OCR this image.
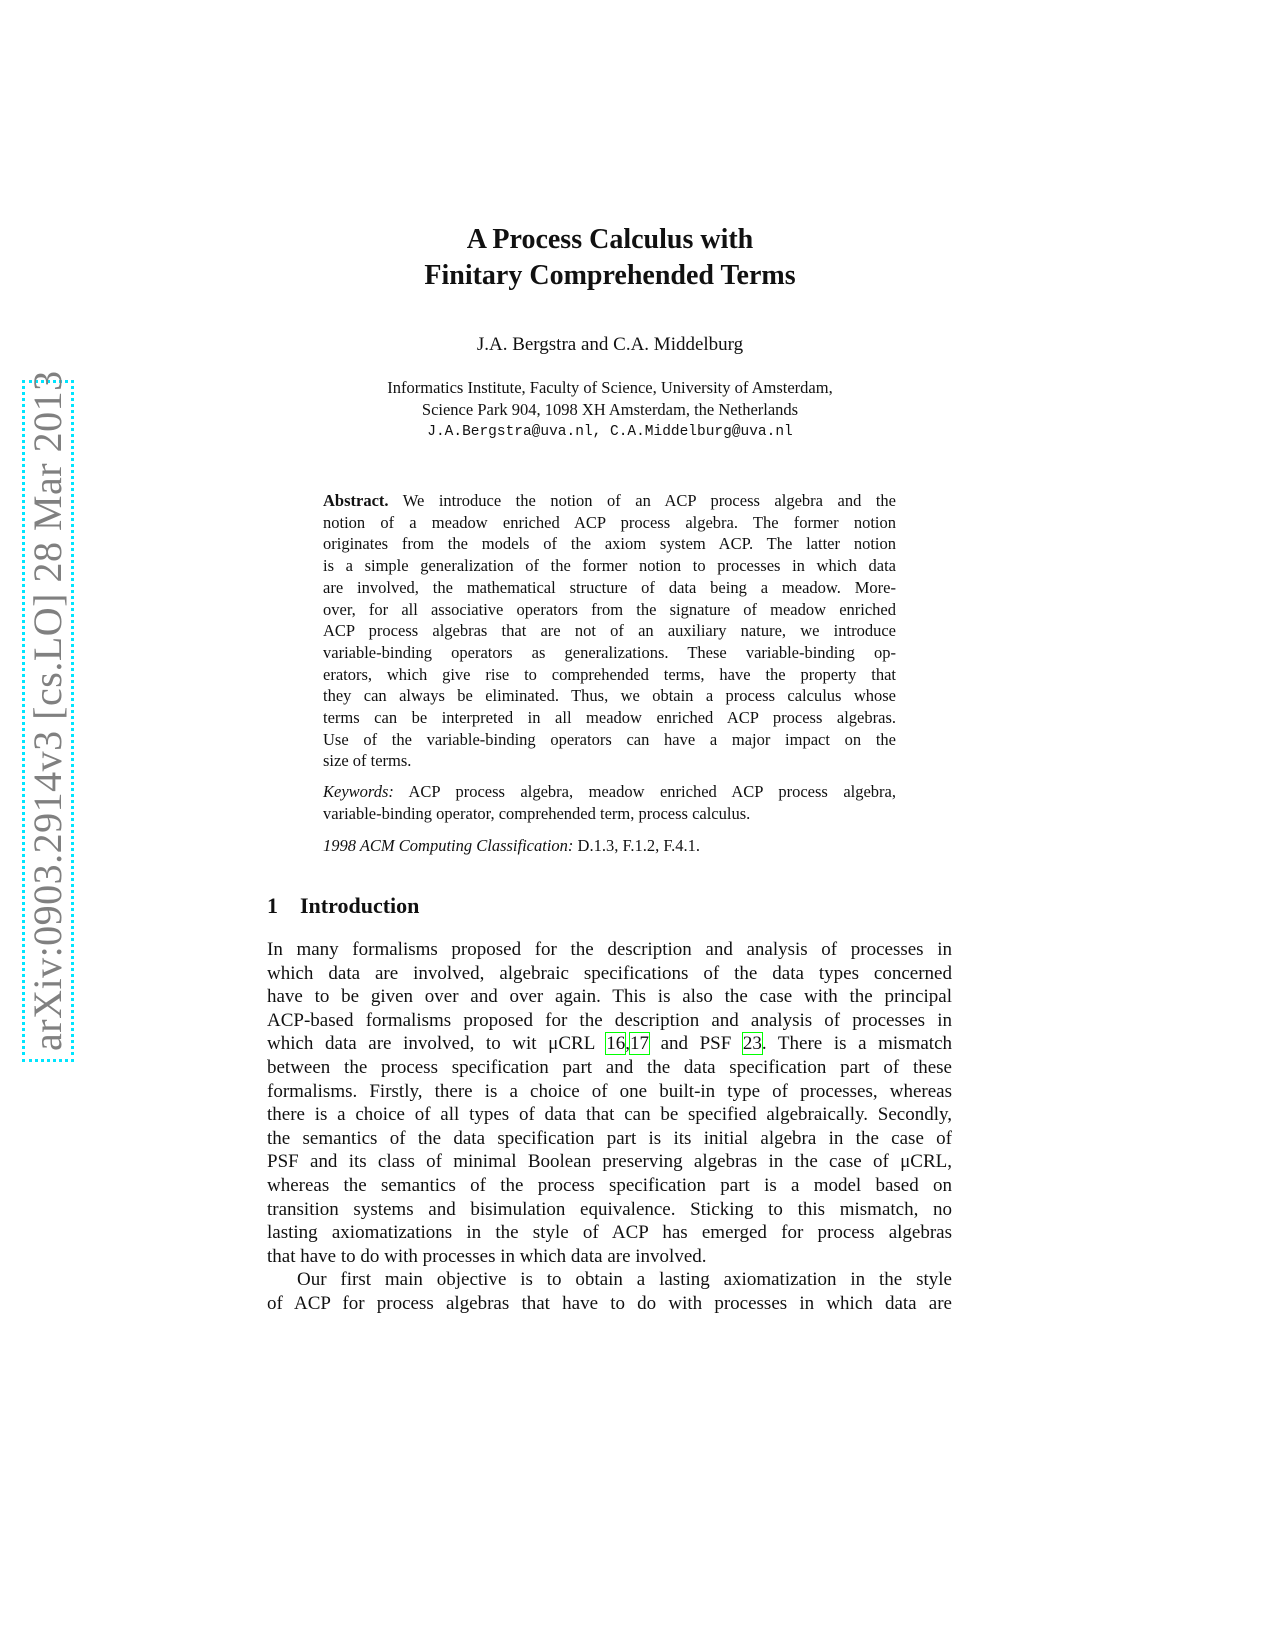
arXiv:0903.2914v3 [cs.LO] 28 Mar 2013
A Process Calculus with
Finitary Comprehended Terms
J.A. Bergstra and C.A. Middelburg
Informatics Institute, Faculty of Science, University of Amsterdam,
Science Park 904, 1098 XH Amsterdam, the Netherlands
J.A.Bergstra@uva.nl, C.A.Middelburg@uva.nl
Abstract. We introduce the notion of an ACP process algebra and the
notion of a meadow enriched ACP process algebra. The former notion
originates from the models of the axiom system ACP. The latter notion
is a simple generalization of the former notion to processes in which data
are involved, the mathematical structure of data being a meadow. More-
over, for all associative operators from the signature of meadow enriched
ACP process algebras that are not of an auxiliary nature, we introduce
variable-binding operators as generalizations. These variable-binding op-
erators, which give rise to comprehended terms, have the property that
they can always be eliminated. Thus, we obtain a process calculus whose
terms can be interpreted in all meadow enriched ACP process algebras.
Use of the variable-binding operators can have a major impact on the
size of terms.
Keywords: ACP process algebra, meadow enriched ACP process algebra,
variable-binding operator, comprehended term, process calculus.
1998 ACM Computing Classification: D.1.3, F.1.2, F.4.1.
1 Introduction
In many formalisms proposed for the description and analysis of processes in
which data are involved, algebraic specifications of the data types concerned
have to be given over and over again. This is also the case with the principal
ACP-based formalisms proposed for the description and analysis of processes in
which data are involved, to wit μCRL 16,17 and PSF 23. There is a mismatch
between the process specification part and the data specification part of these
formalisms. Firstly, there is a choice of one built-in type of processes, whereas
there is a choice of all types of data that can be specified algebraically. Secondly,
the semantics of the data specification part is its initial algebra in the case of
PSF and its class of minimal Boolean preserving algebras in the case of μCRL,
whereas the semantics of the process specification part is a model based on
transition systems and bisimulation equivalence. Sticking to this mismatch, no
lasting axiomatizations in the style of ACP has emerged for process algebras
that have to do with processes in which data are involved.
Our first main objective is to obtain a lasting axiomatization in the style
of ACP for process algebras that have to do with processes in which data are
